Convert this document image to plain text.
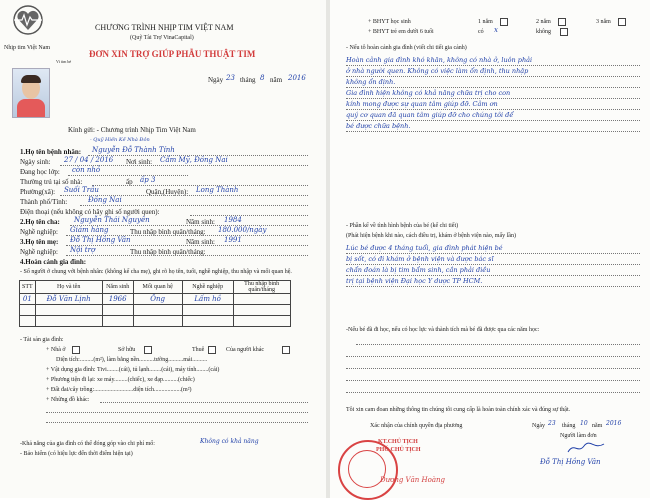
Nhịp tim Việt Nam
Vì tim bé
CHƯƠNG TRÌNH NHỊP TIM VIỆT NAM
(Quỹ Tài Trợ VinaCapital)
ĐƠN XIN TRỢ GIÚP PHẪU THUẬT TIM
Ngày 23 tháng 8 năm 2016
Kính gửi: - Chương trình Nhịp Tim Việt Nam
- Quỹ Hiến Kế Nhà Đỏn
1.Họ tên bệnh nhân: Nguyễn Đỗ Thành Tính
Ngày sinh: 27 / 04 / 2016 Nơi sinh: Cẩm Mỹ, Đồng Nai
Đang học lớp: còn nhỏ
Thường trú tại số nhà:	ấp ấp 3
Phường(xã): Suối Trầu	Quận,(Huyện): Long Thành
Thành phố/Tỉnh:	Đồng Nai
Điện thoại (nếu không có hãy ghi số người quen):
2.Họ tên cha: Nguyễn Thái Nguyên	Năm sinh: 1984
Nghề nghiệp: Giám hàng	Thu nhập bình quân/tháng: 180.000/ngày
3.Họ tên mẹ: Đỗ Thị Hồng Vân	Năm sinh: 1991
Nghề nghiệp: Nội trợ	Thu nhập bình quân/tháng:
4.Hoàn cảnh gia đình:
- Số người ở chung với bệnh nhân: (không kể cha mẹ), ghi rõ họ tên, tuổi, nghề nghiệp, thu nhập và mối quan hệ.
STT	Họ và tên	Năm sinh	Mối quan hệ	Nghề nghiệp	Thu nhập bình quân/tháng
01	Đỗ Văn Lịnh	1966	Ông	Lấm hồ	

- Tài sản gia đình:
+ Nhà ở	Sở hữu	Thuê	Của người khác
Diện tích:.........(m²), làm bằng nền..........tường..........mái..........
+ Vật dụng gia đình: Tivi........(cái), tủ lạnh........(cái), máy tính........(cái)
+ Phương tiện đi lại: xe máy.........(chiếc), xe đạp..........(chiếc)
+ Đất đai/cây trồng:..........................diện tích..................(m²)
+ Những đồ khác:
-Khả năng của gia đình có thể đóng góp vào chi phí mổ:	Không có khả năng
- Bảo hiểm (có hiệu lực đến thời điểm hiện tại)
+ BHYT học sinh	1 năm	2 năm	3 năm
+ BHYT trẻ em dưới 6 tuổi	có x	không
- Nếu tô hoàn cảnh gia đình (viết chi tiết gia cảnh)
Hoàn cảnh gia đình khó khăn, không có nhà ở, luôn phải
ở nhà người quen. Không có việc làm ổn định, thu nhập
không ổn định.
Gia đình hiện không có khả năng chữa trị cho con
kính mong được sự quan tâm giúp đỡ. Cảm ơn
quý cơ quan đã quan tâm giúp đỡ cho chúng tôi để
bé được chữa bệnh.
- Phần kể về tình hình bệnh của bé (kể chi tiết)
(Phát hiện bệnh khi nào, cách điều trị, khám ở bệnh viện nào, mấy lần)
Lúc bé được 4 tháng tuổi, gia đình phát hiện bé
bị sốt, có đi khám ở bệnh viện và được bác sĩ
chẩn đoán là bị tim bẩm sinh, cần phải điều
trị tại bệnh viện Đại học Y dược TP HCM.
-Nếu bé đã đi học, nếu có học lực và thành tích mà bé đã được qua các năm học:
Tôi xin cam đoan những thông tin chúng tôi cung cấp là hoàn toàn chính xác và đúng sự thật.
Xác nhận của chính quyền địa phương	Ngày 23 tháng 10 năm 2016
Người làm đơn
KT.CHỦ TỊCH
PHÓ CHỦ TỊCH
Dương Văn Hoàng
Đỗ Thị Hồng Vân
